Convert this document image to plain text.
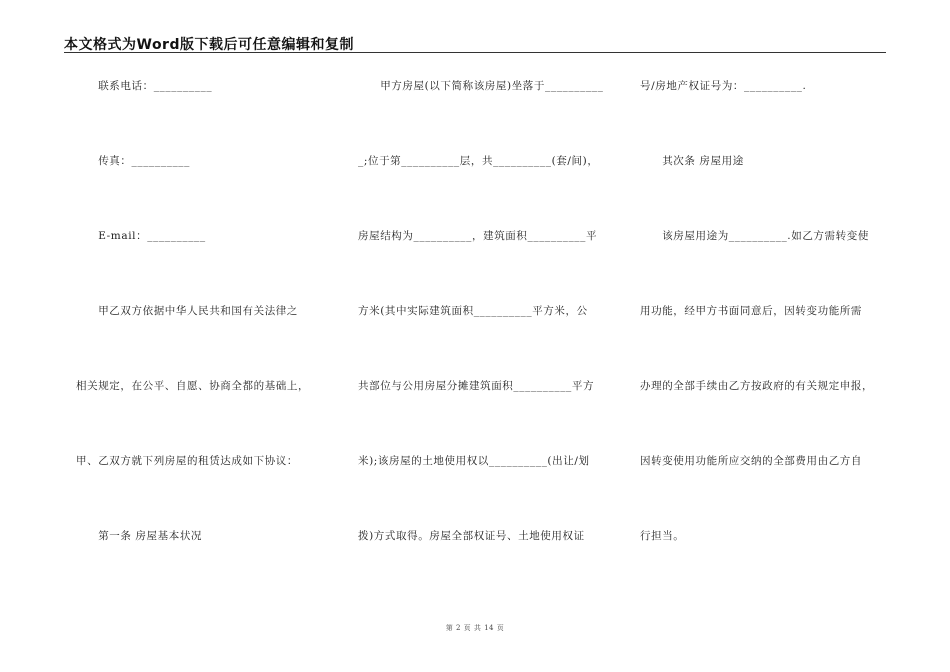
本文格式为Word版下载后可任意编辑和复制
　　联系电话：__________
　　传真：__________
　　E-mail：__________
　　甲乙双方依据中华人民共和国有关法律之
相关规定，在公平、自愿、协商全都的基础上，
甲、乙双方就下列房屋的租赁达成如下协议：
　　第一条 房屋基本状况
　　甲方房屋(以下简称该房屋)坐落于__________
_;位于第__________层，共__________(套/间)，
房屋结构为__________，建筑面积__________平
方米(其中实际建筑面积__________平方米，公
共部位与公用房屋分摊建筑面积__________平方
米);该房屋的土地使用权以__________(出让/划
拨)方式取得。房屋全部权证号、土地使用权证
号/房地产权证号为：__________.
　　其次条 房屋用途
　　该房屋用途为__________.如乙方需转变使
用功能，经甲方书面同意后，因转变功能所需
办理的全部手续由乙方按政府的有关规定申报，
因转变使用功能所应交纳的全部费用由乙方自
行担当。
第 2 页 共 14 页
